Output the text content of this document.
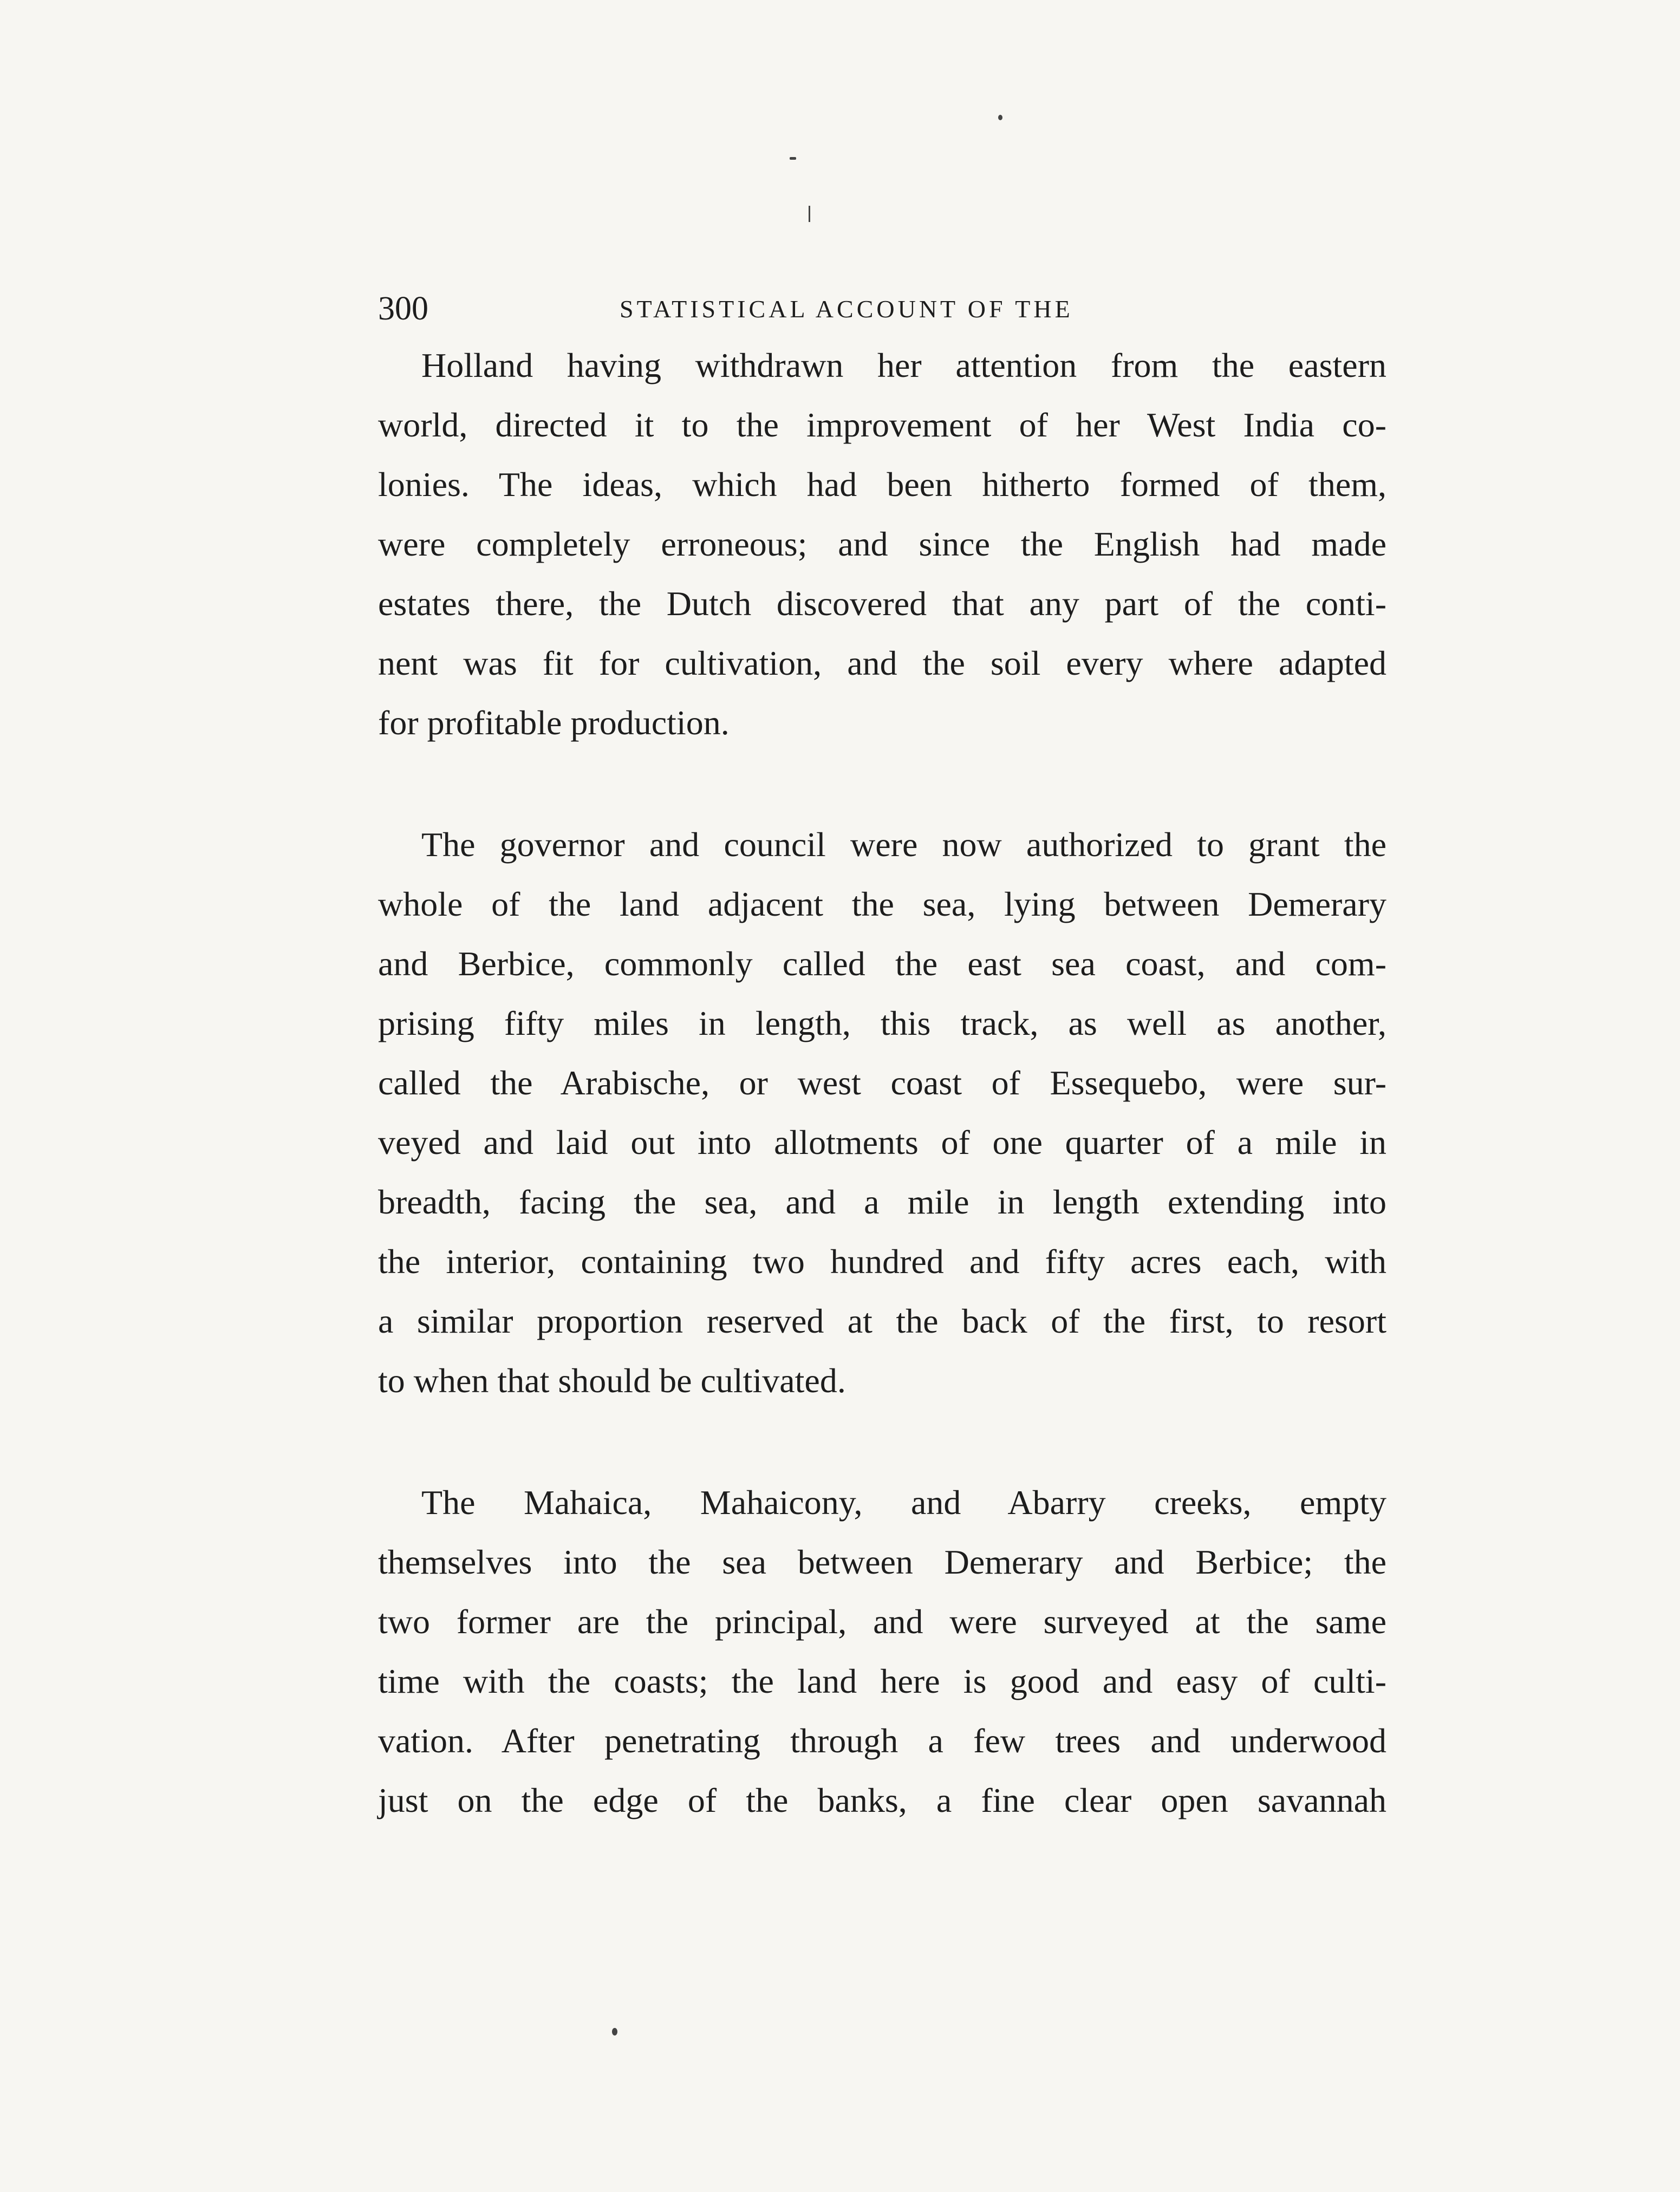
300	STATISTICAL ACCOUNT OF THE

Holland having withdrawn her attention from the eastern
world, directed it to the improvement of her West India co-
lonies. The ideas, which had been hitherto formed of them,
were completely erroneous; and since the English had made
estates there, the Dutch discovered that any part of the conti-
nent was fit for cultivation, and the soil every where adapted
for profitable production.

The governor and council were now authorized to grant the
whole of the land adjacent the sea, lying between Demerary
and Berbice, commonly called the east sea coast, and com-
prising fifty miles in length, this track, as well as another,
called the Arabische, or west coast of Essequebo, were sur-
veyed and laid out into allotments of one quarter of a mile in
breadth, facing the sea, and a mile in length extending into
the interior, containing two hundred and fifty acres each, with
a similar proportion reserved at the back of the first, to resort
to when that should be cultivated.

The Mahaica, Mahaicony, and Abarry creeks, empty
themselves into the sea between Demerary and Berbice; the
two former are the principal, and were surveyed at the same
time with the coasts; the land here is good and easy of culti-
vation. After penetrating through a few trees and underwood
just on the edge of the banks, a fine clear open savannah
